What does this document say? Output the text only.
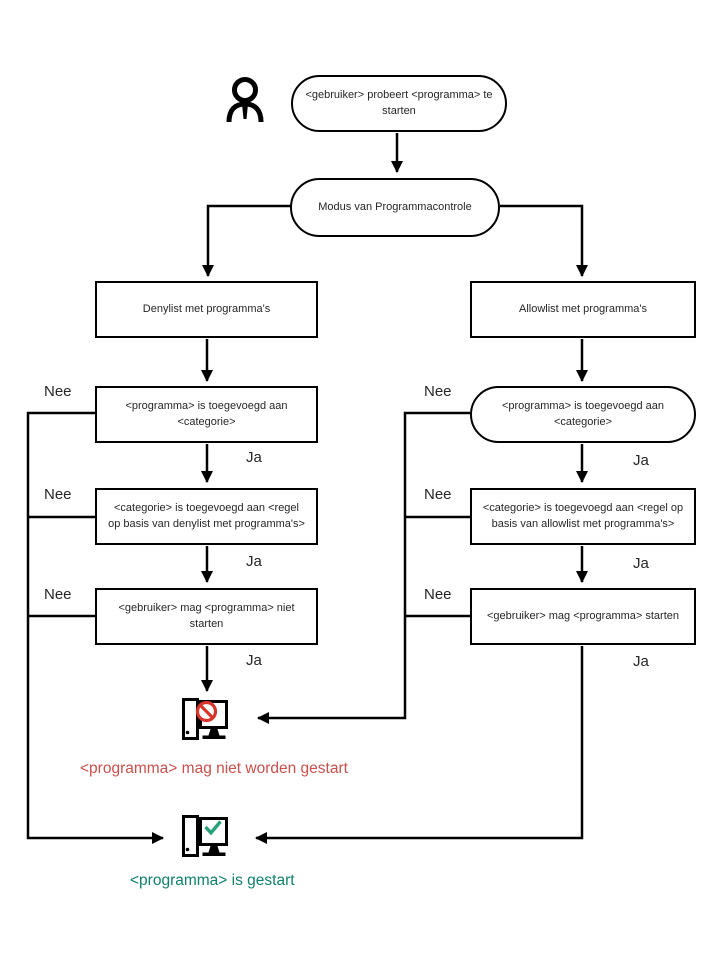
<gebruiker> probeert <programma> te starten
Modus van Programmacontrole
Denylist met programma's	Allowlist met programma's
<programma> is toegevoegd aan <categorie>
<programma> is toegevoegd aan <categorie>
<categorie> is toegevoegd aan <regel op basis van denylist met programma's>
<categorie> is toegevoegd aan <regel op basis van allowlist met programma's>
<gebruiker> mag <programma> niet starten
<gebruiker> mag <programma> starten
Nee
Nee
Nee
Nee
Nee
Nee
Ja
Ja
Ja
Ja
Ja
Ja
<programma> mag niet worden gestart
<programma> is gestart
